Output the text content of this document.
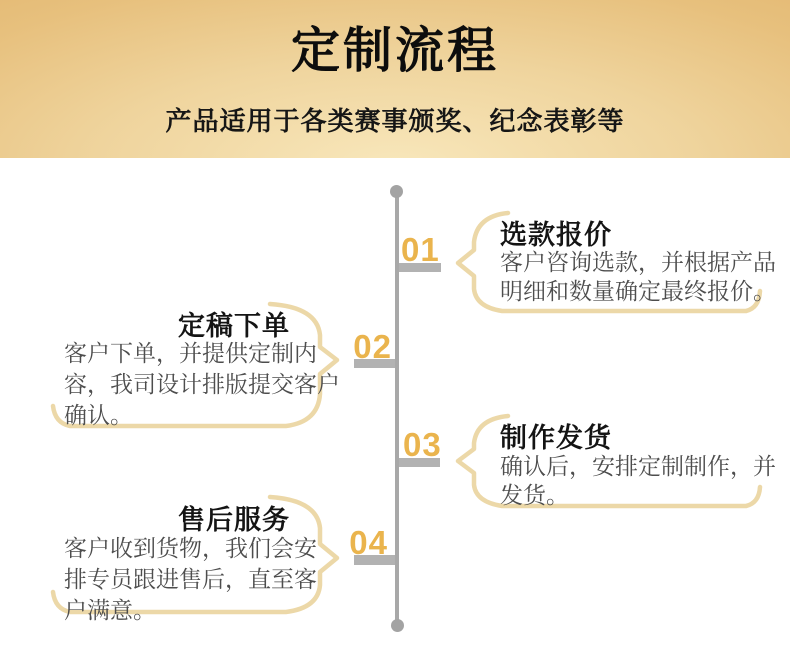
定制流程
产品适用于各类赛事颁奖、纪念表彰等
01
02
03
04
选款报价
客户咨询选款，并根据产品
明细和数量确定最终报价。
定稿下单
客户下单，并提供定制内
容，我司设计排版提交客户
确认。
制作发货
确认后，安排定制制作，并
发货。
售后服务
客户收到货物，我们会安
排专员跟进售后，直至客
户满意。
